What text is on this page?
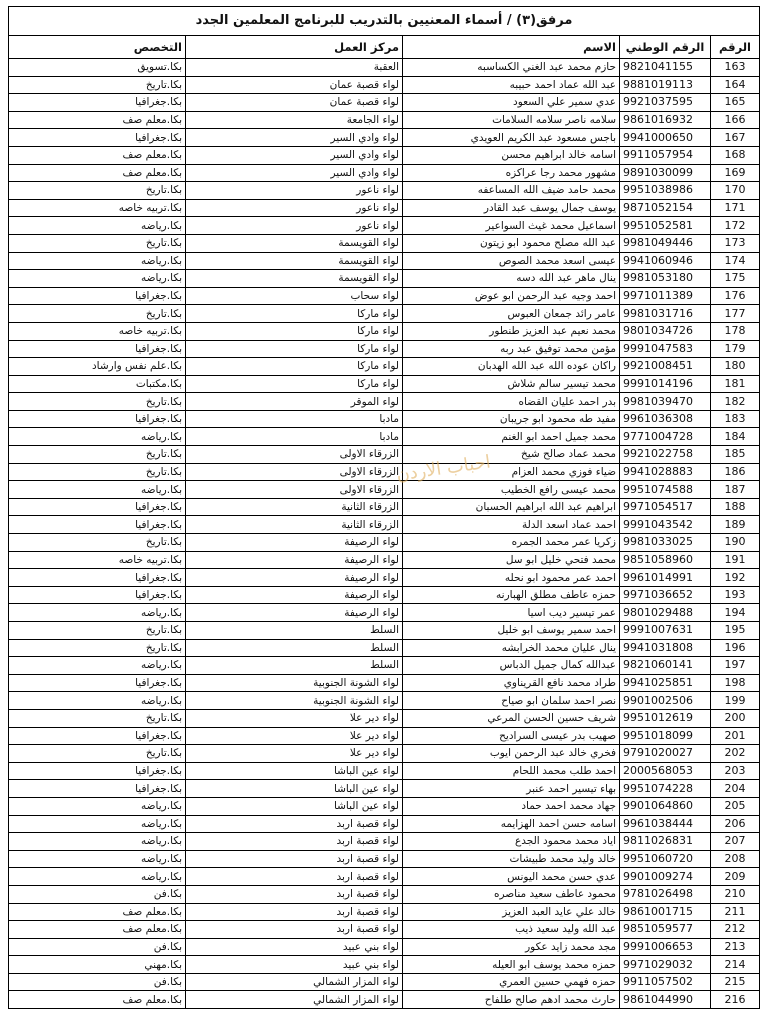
مرفق(٣) / أسماء المعنيين بالتدريب للبرنامج المعلمين الجدد
الرقم	الرقم الوطني	الاسم	مركز العمل	التخصص
163	9821041155	حازم محمد عبد الغني الكساسبه	العقبة	بكا.تسويق
164	9881019113	عبد الله عماد احمد حبيبه	لواء قصبة عمان	بكا.تاريخ
165	9921037595	عدي سمير علي السعود	لواء قصبة عمان	بكا.جغرافيا
166	9861016932	سلامه ناصر سلامه السلامات	لواء الجامعة	بكا.معلم صف
167	9941000650	باجس مسعود عبد الكريم العويدي	لواء وادي السير	بكا.جغرافيا
168	9911057954	اسامه خالد ابراهيم محسن	لواء وادي السير	بكا.معلم صف
169	9891030099	مشهور محمد رجا عراكزه	لواء وادي السير	بكا.معلم صف
170	9951038986	محمد حامد ضيف الله المساعفه	لواء ناعور	بكا.تاريخ
171	9871052154	يوسف جمال يوسف عبد القادر	لواء ناعور	بكا.تربيه خاصه
172	9951052581	اسماعيل محمد غيث السواعير	لواء ناعور	بكا.رياضه
173	9981049446	عبد الله مصلح محمود ابو زيتون	لواء القويسمة	بكا.تاريخ
174	9941060946	عيسى اسعد محمد الصوص	لواء القويسمة	بكا.رياضه
175	9981053180	ينال ماهر عبد الله دسه	لواء القويسمة	بكا.رياضه
176	9971011389	احمد وجيه عبد الرحمن ابو عوض	لواء سحاب	بكا.جغرافيا
177	9981031716	عامر رائد جمعان العبوس	لواء ماركا	بكا.تاريخ
178	9801034726	محمد نعيم عبد العزيز طنطور	لواء ماركا	بكا.تربيه خاصه
179	9991047583	مؤمن محمد توفيق عبد ربه	لواء ماركا	بكا.جغرافيا
180	9921008451	راكان عوده الله عبد الله الهدبان	لواء ماركا	بكا.علم نفس وارشاد
181	9991014196	محمد تيسير سالم شلاش	لواء ماركا	بكا.مكتبات
182	9981039470	بدر احمد عليان القضاه	لواء الموقر	بكا.تاريخ
183	9961036308	مفيد طه محمود ابو جريبان	مادبا	بكا.جغرافيا
184	9771004728	محمد جميل احمد ابو الغنم	مادبا	بكا.رياضه
185	9921022758	محمد عماد صالح شيخ	الزرقاء الاولى	بكا.تاريخ
186	9941028883	ضياء فوزي محمد العزام	الزرقاء الاولى	بكا.تاريخ
187	9951074588	محمد عيسى رافع الخطيب	الزرقاء الاولى	بكا.رياضه
188	9971054517	ابراهيم عبد الله ابراهيم الحسبان	الزرقاء الثانية	بكا.جغرافيا
189	9991043542	احمد عماد اسعد الدلة	الزرقاء الثانية	بكا.جغرافيا
190	9981033025	زكريا عمر محمد الجمره	لواء الرصيفة	بكا.تاريخ
191	9851058960	محمد فتحي خليل ابو سل	لواء الرصيفة	بكا.تربيه خاصه
192	9961014991	احمد عمر محمود ابو نحله	لواء الرصيفة	بكا.جغرافيا
193	9971036652	حمزه عاطف مطلق الهبارنه	لواء الرصيفة	بكا.جغرافيا
194	9801029488	عمر تيسير ديب اسيا	لواء الرصيفة	بكا.رياضه
195	9991007631	احمد سمير يوسف ابو خليل	السلط	بكا.تاريخ
196	9941031808	ينال عليان محمد الخرابشه	السلط	بكا.تاريخ
197	9821060141	عبدالله كمال جميل الدباس	السلط	بكا.رياضه
198	9941025851	طراد محمد نافع القريناوي	لواء الشونة الجنوبية	بكا.جغرافيا
199	9901002506	نصر احمد سلمان ابو صياح	لواء الشونة الجنوبية	بكا.رياضه
200	9951012619	شريف حسين الحسن المرعي	لواء دير علا	بكا.تاريخ
201	9951018099	صهيب بدر عيسى السراديح	لواء دير علا	بكا.جغرافيا
202	9791020027	فخري خالد عبد الرحمن ايوب	لواء دير علا	بكا.تاريخ
203	2000568053	احمد طلب محمد اللحام	لواء عين الباشا	بكا.جغرافيا
204	9951074228	بهاء تيسير احمد عنبر	لواء عين الباشا	بكا.جغرافيا
205	9901064860	جهاد محمد احمد حماد	لواء عين الباشا	بكا.رياضه
206	9961038444	اسامه حسن احمد الهزايمه	لواء قصبة اربد	بكا.رياضه
207	9811026831	اياد محمد محمود الجدع	لواء قصبة اربد	بكا.رياضه
208	9951060720	خالد وليد محمد طبيشات	لواء قصبة اربد	بكا.رياضه
209	9901009274	عدي حسن محمد اليونس	لواء قصبة اربد	بكا.رياضه
210	9781026498	محمود عاطف سعيد مناصره	لواء قصبة اربد	بكا.فن
211	9861001715	خالد علي عايد العبد العزيز	لواء قصبة اربد	بكا.معلم صف
212	9851059577	عبد الله وليد سعيد ذيب	لواء قصبة اربد	بكا.معلم صف
213	9991006653	مجد محمد زايد عكور	لواء بني عبيد	بكا.فن
214	9971029032	حمزه محمد يوسف ابو العيله	لواء بني عبيد	بكا.مهني
215	9911057502	حمزه فهمي حسين العمري	لواء المزار الشمالي	بكا.فن
216	9861044990	حارث محمد ادهم صالح طلفاح	لواء المزار الشمالي	بكا.معلم صف
احباب الاردن
